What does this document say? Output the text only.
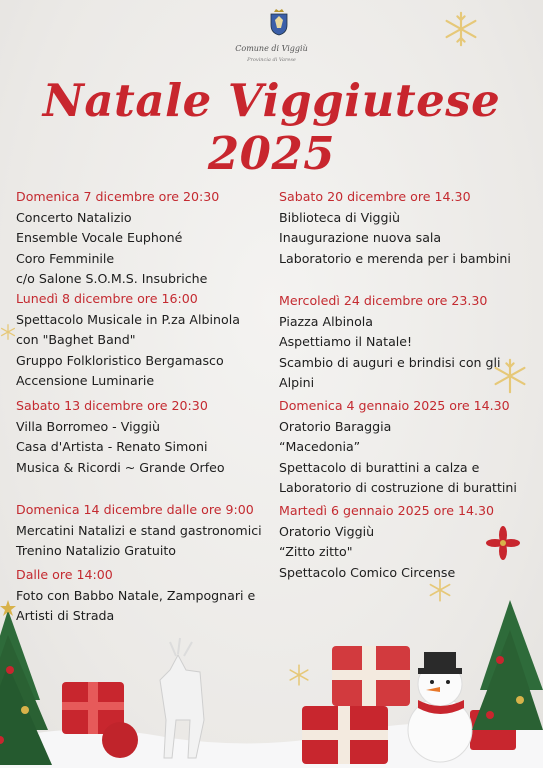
Comune di Viggiù
Provincia di Varese
Natale Viggiutese 2025
Domenica 7 dicembre ore 20:30
Concerto Natalizio
Ensemble Vocale Euphoné
Coro Femminile
c/o Salone S.O.M.S. Insubriche
Lunedì 8 dicembre ore 16:00
Spettacolo Musicale in P.za Albinola
con "Baghet Band"
Gruppo Folkloristico Bergamasco
Accensione Luminarie
Sabato 13 dicembre ore 20:30
Villa Borromeo - Viggiù
Casa d'Artista - Renato Simoni
Musica & Ricordi ~ Grande Orfeo
Domenica 14 dicembre dalle ore 9:00
Mercatini Natalizi e stand gastronomici
Trenino Natalizio Gratuito
Dalle ore 14:00
Foto con Babbo Natale, Zampognari e
Artisti di Strada
Sabato 20 dicembre ore 14.30
Biblioteca di Viggiù
Inaugurazione nuova sala
Laboratorio e merenda per i bambini
Mercoledì 24 dicembre ore 23.30
Piazza Albinola
Aspettiamo il Natale!
Scambio di auguri e brindisi con gli
Alpini
Domenica 4 gennaio 2025 ore 14.30
Oratorio Baraggia
“Macedonia”
Spettacolo di burattini a calza e
Laboratorio di costruzione di burattini
Martedì 6 gennaio 2025 ore 14.30
Oratorio Viggiù
“Zitto zitto"
Spettacolo Comico Circense
